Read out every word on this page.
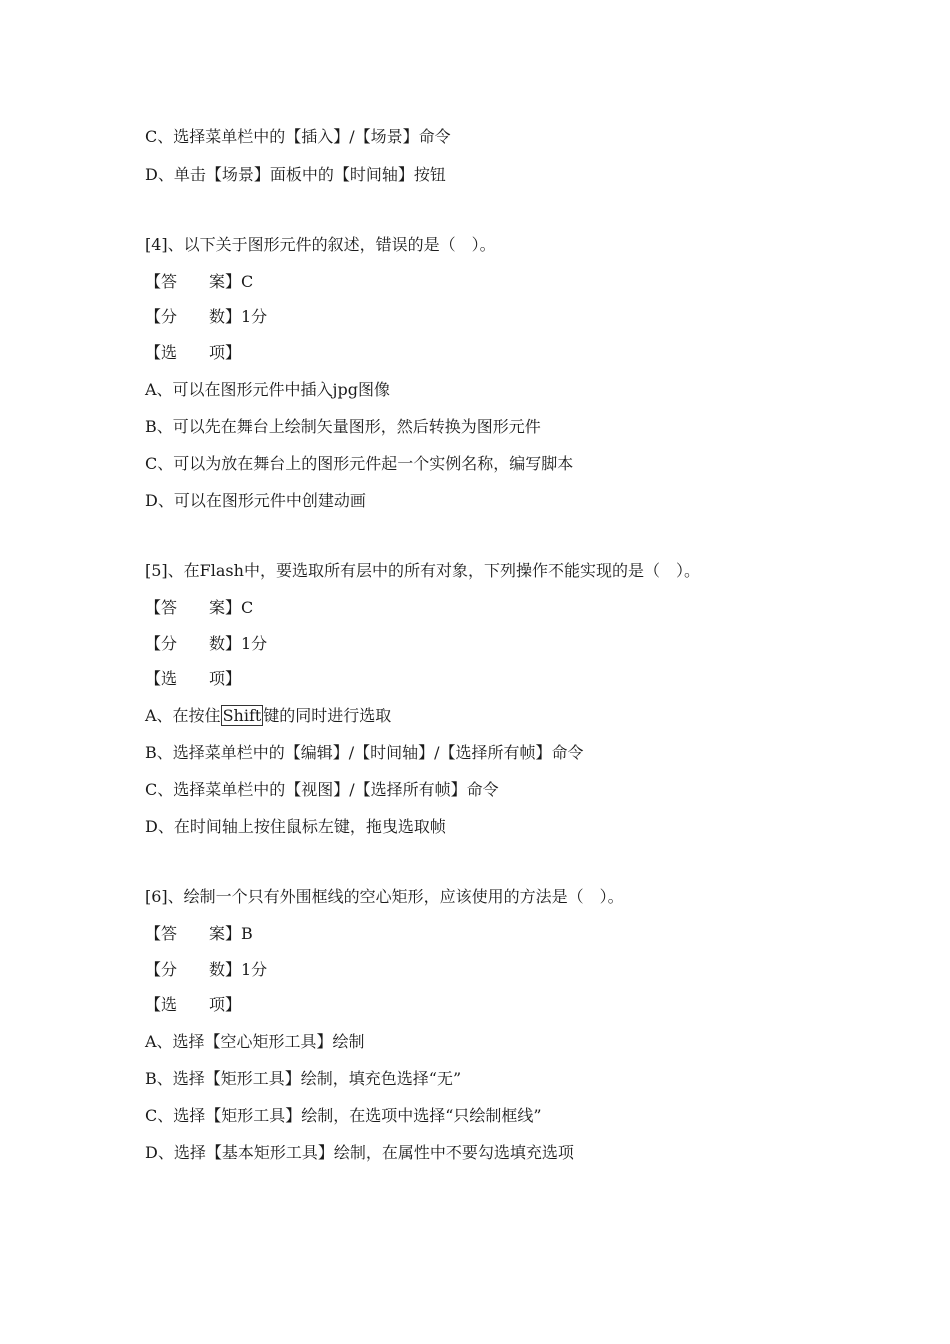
C、选择菜单栏中的【插入】/【场景】命令
D、单击【场景】面板中的【时间轴】按钮
[4]、以下关于图形元件的叙述，错误的是（　）。
【答　　案】C
【分　　数】1分
【选　　项】
A、可以在图形元件中插入jpg图像
B、可以先在舞台上绘制矢量图形，然后转换为图形元件
C、可以为放在舞台上的图形元件起一个实例名称，编写脚本
D、可以在图形元件中创建动画
[5]、在Flash中，要选取所有层中的所有对象，下列操作不能实现的是（　）。
【答　　案】C
【分　　数】1分
【选　　项】
A、在按住 Shift 键的同时进行选取
B、选择菜单栏中的【编辑】/【时间轴】/【选择所有帧】命令
C、选择菜单栏中的【视图】/【选择所有帧】命令
D、在时间轴上按住鼠标左键，拖曳选取帧
[6]、绘制一个只有外围框线的空心矩形，应该使用的方法是（　）。
【答　　案】B
【分　　数】1分
【选　　项】
A、选择【空心矩形工具】绘制
B、选择【矩形工具】绘制，填充色选择“无”
C、选择【矩形工具】绘制，在选项中选择“只绘制框线”
D、选择【基本矩形工具】绘制，在属性中不要勾选填充选项
